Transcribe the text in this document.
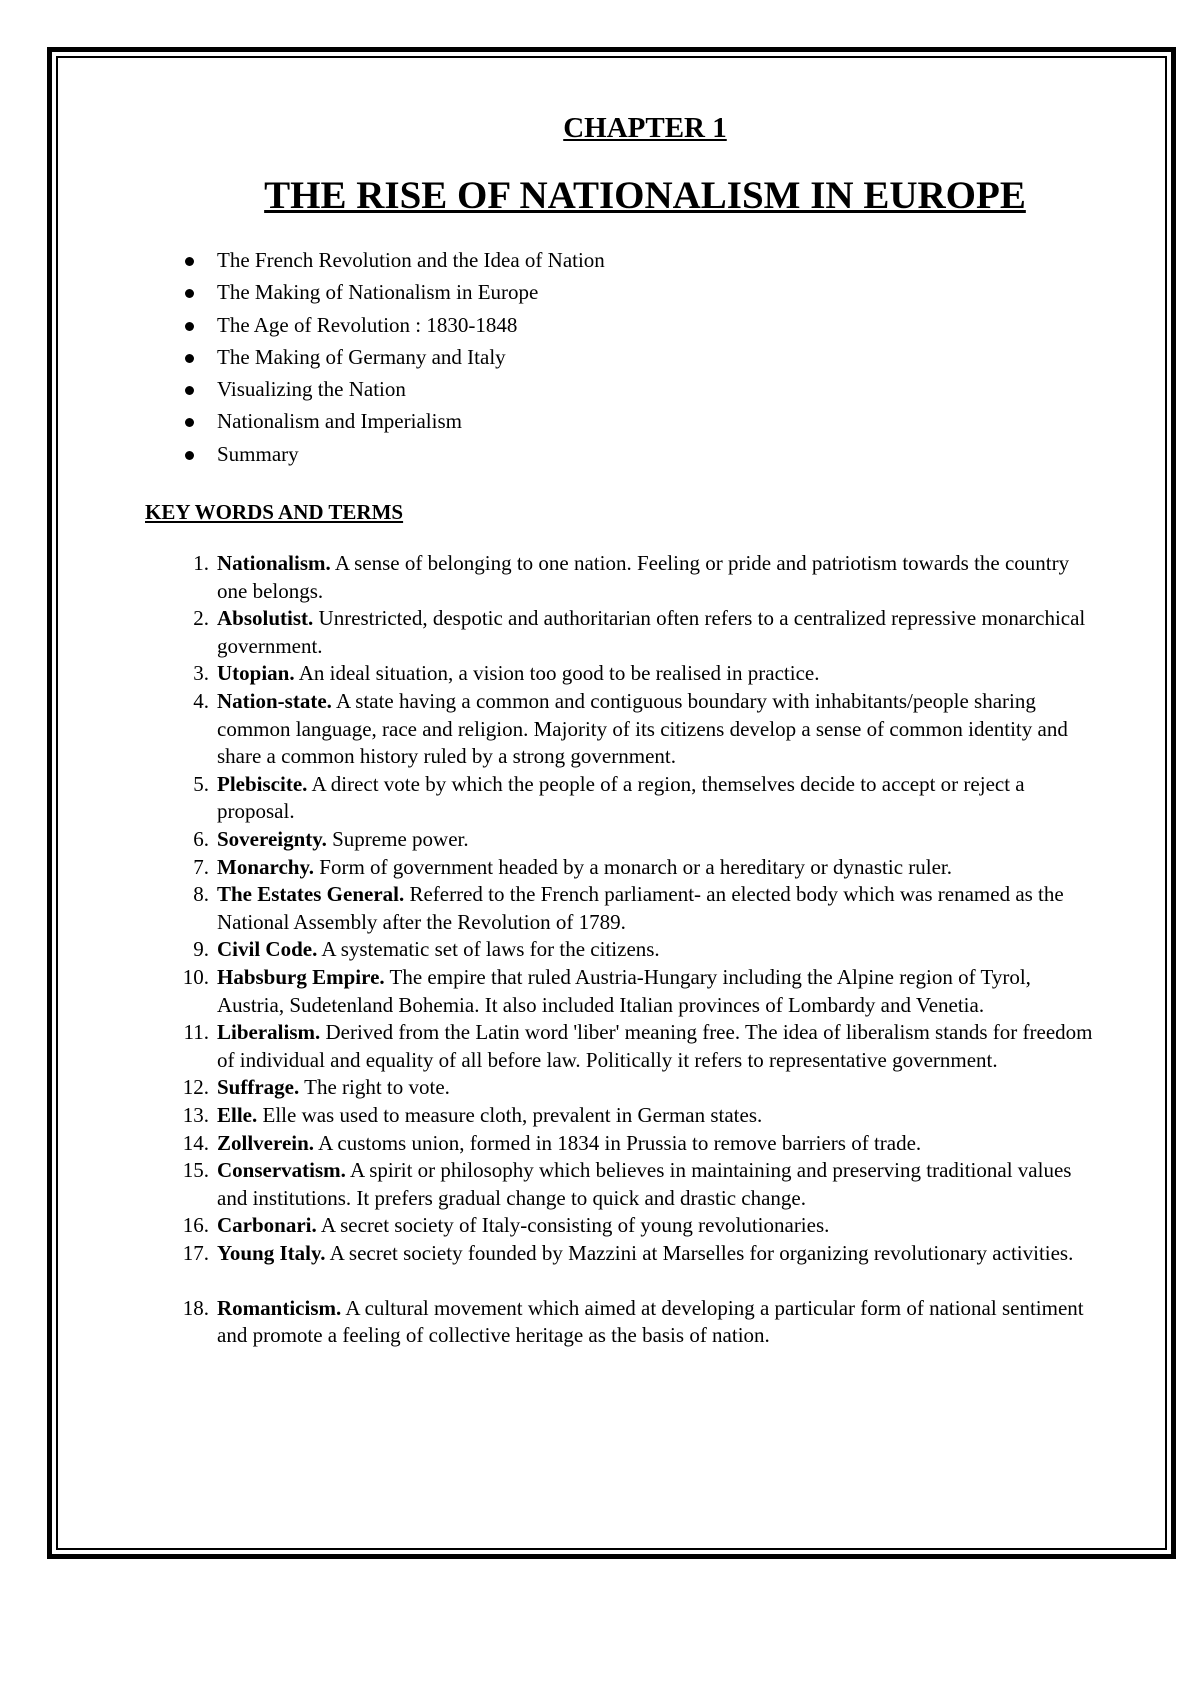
CHAPTER 1
THE RISE OF NATIONALISM IN EUROPE
The French Revolution and the Idea of Nation
The Making of Nationalism in Europe
The Age of Revolution : 1830-1848
The Making of Germany and Italy
Visualizing the Nation
Nationalism and Imperialism
Summary
KEY WORDS AND TERMS
1. Nationalism. A sense of belonging to one nation. Feeling or pride and patriotism towards the country one belongs.
2. Absolutist. Unrestricted, despotic and authoritarian often refers to a centralized repressive monarchical government.
3. Utopian. An ideal situation, a vision too good to be realised in practice.
4. Nation-state. A state having a common and contiguous boundary with inhabitants/people sharing common language, race and religion. Majority of its citizens develop a sense of common identity and share a common history ruled by a strong government.
5. Plebiscite. A direct vote by which the people of a region, themselves decide to accept or reject a proposal.
6. Sovereignty. Supreme power.
7. Monarchy. Form of government headed by a monarch or a hereditary or dynastic ruler.
8. The Estates General. Referred to the French parliament- an elected body which was renamed as the National Assembly after the Revolution of 1789.
9. Civil Code. A systematic set of laws for the citizens.
10. Habsburg Empire. The empire that ruled Austria-Hungary including the Alpine region of Tyrol, Austria, Sudetenland Bohemia. It also included Italian provinces of Lombardy and Venetia.
11. Liberalism. Derived from the Latin word 'liber' meaning free. The idea of liberalism stands for freedom of individual and equality of all before law. Politically it refers to representative government.
12. Suffrage. The right to vote.
13. Elle. Elle was used to measure cloth, prevalent in German states.
14. Zollverein. A customs union, formed in 1834 in Prussia to remove barriers of trade.
15. Conservatism. A spirit or philosophy which believes in maintaining and preserving traditional values and institutions. It prefers gradual change to quick and drastic change.
16. Carbonari. A secret society of Italy-consisting of young revolutionaries.
17. Young Italy. A secret society founded by Mazzini at Marselles for organizing revolutionary activities.
18. Romanticism. A cultural movement which aimed at developing a particular form of national sentiment and promote a feeling of collective heritage as the basis of nation.
